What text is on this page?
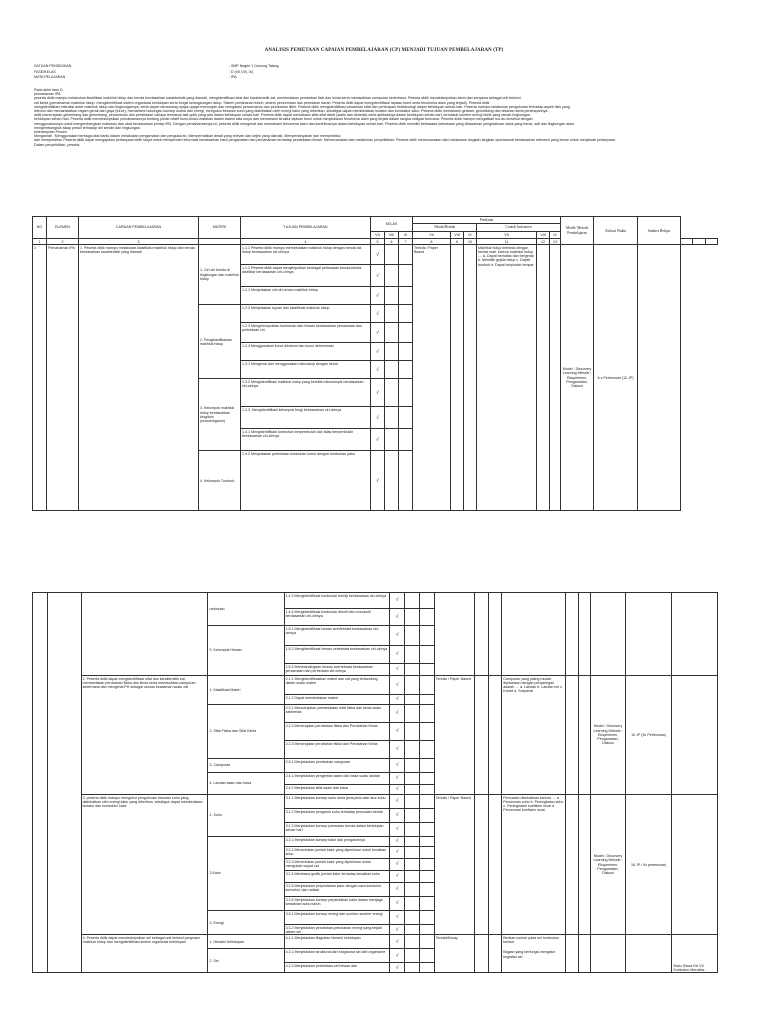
ANALISIS PEMETAAN CAPAIAN PEMBELAJARAN (CP) MENJADI TUJUAN PEMBELAJARAN (TP)
SATUAN PENDIDIKAN	: SMP Negeri 1 Gunung Talang
FASE/KELAS	: D (VII,VIII, IX)
MATA PELAJARAN	: IPA
Pada akhir fase D,
pemahaman IPA
peserta didik mampu melakukan klasifikasi makhluk hidup dan benda berdasarkan karakteristik yang diamati, mengidentifikasi sifat dan karakteristik zat, membedakan perubahan fisik dan kimia serta memisahkan campuran sederhana. Peserta didik mendeskripsikan atom dan senyawa sebagai unit terkecil
zat kimia (pemahaman makhluk hidup, mengidentifikasi sistem organisasi kehidupan serta fungsi kelangsungan hidup. Sistem pertahanan tubuh, sistem pencernaan dan peredaran darah. Peserta didik dapat mengidentifikasi lapisan bumi serta fenomena alam yang terjadi). Peserta didik
mengidentifikasi interaksi antar makhluk hidup dan lingkungannya, serta dapat merancang upaya-upaya mencegah dan mengatasi pencemaran dan perubahan iklim. Peserta didik mengidentifikasi pewarisan sifat dan penerapan bioteknologi dalam kehidupan sehari-hari. Peserta mampu melakukan pengukuran terhadap aspek fisis yang
ditemui dan memanfaatkan ragam gerak dan gaya (force), memahami hubungan konsep usaha dan energi, mengukur besaran suhu yang diakibatkan oleh energi kalor yang diberikan, sekaligus dapat membedakan isolator dan konduktor kalor. Peserta didik memahami getaran, gelombang dan tekanan serta penerapannya.
didik menerapkan gelombang dan gelombang, pemantulan dan pembiasan cahaya termasuk alat optik yang ada dalam kehidupan sehari-hari. Peserta didik dapat memahami sifat-sifat listrik (statis dan dinamis) serta aplikasinya dalam kehidupan sehari-hari, termasuk sumber energi listrik yang ramah lingkungan.
kehidupan sehari-hari. Peserta didik mendeskripsikan pemahamannya tentang posisi relatif bumi-bulan-matahari dalam sistem tata surya dan memahami struktur lapisan bumi untuk menjelaskan fenomena alam yang terjadi dalam rangka mitigasi bencana. Peserta didik mampu mengaitkan isu-isu tersebut dengan
menggunakannya untuk mengembangkan makanan dan obat berdasarkan prinsip IPA. Dengan pemahamannya ini, peserta didik mengenal dan memahami fenomena alam dan kontribusinya dalam kehidupan sehari-hari. Peserta didik memiliki kebiasaan-kebiasaan yang didasarkan pengetahuan sains yang benar, adil dan lingkungan alam.
mengembangkan sikap peduli terhadap diri sendiri dan lingkungan.
keterampilan Proses
Mengamati : Menggunakan berbagai alat bantu dalam melakukan pengamatan dan pengukuran. Memperhatikan detail yang relevan dari objek yang diamati. Mempertanyakan dan memprediksi
dan memprediksi: Peserta didik dapat mengajukan pertanyaan lebih lanjut untuk memperoleh informasi berdasarkan hasil pengamatan dan pemahaman terhadap pendekatan ilmiah. Merencanakan dan melakukan penyelidikan: Peserta didik merencanakan dan melakukan langkah-langkah operasional berdasarkan referensi yang benar untuk menjawab pertanyaan.
Dalam penyelidikan, peserta
NO	ELEMEN	CAPAIAN PEMBELAJARAN	MATERI	TUJUAN PEMBELAJARAN	KELAS			Penilaian						Model/ Metode Pembelajaran	Alokasi Waktu	Sumber Belajar			
								Teknik/Bentuk			Contoh Instrumen								
					VII	VIII	IX	VII	VIII	IX	VII	VIII	IX						
1	2	3		4	5	6	7	8	9	10	11	12	13						
1	Pemahaman IPA	1. Peserta didik mampu melakukan klasifikasi makhluk hidup dan benda berdasarkan karakteristik yang diamati	1. Ciri-ciri benda di lingkungan dan makhluk hidup	1.1.1 Peserta didik mampu membedakan makhluk hidup dengan benda tak hidup berdasarkan ciri-cirinya	√			Tertulis / Paper Based			Makhluk hidup berbeda dengan benda mati, karena makhluk hidup .... a. Dapat bernafas dan bergerak b. Memiliki gejala hidup c. Dapat tumbuh d. Dapat berpindah tempat			Model : Discovery Learning Metode : Eksperimen, Pengamatan, Diskusi	6 x Pertemuan (12 JP)				
				1.1.2 Peserta didik dapat menyimpulkan berbagai perbedaan benda-benda disekitar berdasarkan ciri-cirinya	√														
				1.2.1 Menjelaskan ciri-ciri umum makhluk hidup	√														
			2. Pengklasifikasian makhluk hidup	1.2.2 Menjelaskan tujuan dan klasifikasi makhluk hidup	√														
				1.2.3 Mengelompokkan tumbuhan dan hewan berdasarkan persamaan dan perbedaan ciri	√														
				1.2.4 Menggunakan kunci dikotomi dan kunci determinasi	√														
				1.3.1 Mengenal dan menggunakan mikroskop dengan benar	√														
			3. Kelompok makhluk hidup berdasarkan kingdom (monokingdom)	1.3.2 Mengidentifikasi makhluk hidup yang bersifat mikroskopis berdasarkan ciri-cirinya	√														
				1.3.3. Mengidentifikasi kelompok fungi berdasarkan ciri-cirinya	√														
				1.4.1 Mengidentifikasi tumbuhan berpembuluh dan tidak berpembuluh berdasarkan ciri-cirinya	√														
			4. Kelompok Tumbuh-	1.4.2 Menjelaskan perbedaan tumbuhan lumut dengan tumbuhan paku	√														
			umbuhan	1.4.3 Mengidentifikasi tumbuhan berbiji berdasarkan ciri-cirinya	√											
				1.4.4 Mengidentifikasi tumbuhan dikotil dan monokotil berdasarkan ciri-cirinya	√											
			5. Kelompok Hewan	1.5.1 Mengidentifikasi hewan avertebrata berdasarkan ciri-cirinya	√											
				1.5.2 Mengidentifikasi hewan vertebrata berdasarkan ciri-cirinya	√											
				1.5.3 Membandingkan hewan avertebrata berdasarkan persamaan dan perbedaan ciri-cirinya	√											
		2. Peserta didik dapat mengidentifikasi sifat dan karakteristik zat, membedakan perubahan fisika dan kimia serta memisahkan campuran sederhana dan mengenal PH sebagai ukuran keasaman suatu zat	1. Klasifikasi Materi	2.1.1 Mengidentifikasikan materi dan zat yang terkandung dalam suatu materi	√			Tertulis / Paper Based			Campuran yang paling mudah dipisahkan dengan penyaringan adalah .... a. Larutan b. Larutan ion c. Koloid d. Suspensi			Model : Discovery Learning Metode : Eksperimen, Pengamatan, Diskusi	10 JP (5x Pertemuan)	
				2.1.2 Dapat membedakan materi	√											
			2. Sifat Fisika dan Sifat Kimia	2.2.1 Mencerapkan pemanfaatan sifat fisika dan kimia suatu zat/benda	√											
				2.2.2 Menerapkan perubahan fisika dan Perubahan Kimia	√											
				2.2.3 Menerapkan perubahan fisika dan Perubahan Kimia	√											
			3. Campuran	2.3.1 Menjelaskan pemisahan campuran	√											
			4. Larutan asam dan basa	2.4.1 Menjelaskan pengertian asam dan basa suatu larutan	√											
				2.4.2 Menjelaskan sifat asam dan basa	√											
		3. peserta didik mampu mengukur pengukuran besaran suhu yang diakibatkan oleh energi kalor yang diberikan, sekaligus dapat membedakan isolator dan konduktor kalor	1. Suhu	3.1.1 Menjelaskan konsep suhu serta jenis jenis alat ukur suhu	√			Tertulis / Paper Based			Pemuaian disebabkan karena .... a. Penurunan suhu b. Peningkatan suhu c. Peningkatan koefisien muai d. Penurunan koefisien muai			Model : Discovery Learning Metode : Eksperimen, Pengamatan, Diskusi	18 JP / 9x pertemuan)	
				3.1.2 Menjelaskan pengaruh suhu terhadap pemuaian benda	√											
				3.1.3 Menjelaskan konsep pemuaian benda dalam kehidupan sehari-hari	√											
			2.Kalor	3.2.1 Menjelaskan konsep kalor dan pengaruhnya	√											
				3.2.2 Menentukan jumlah kalor yang diperlukan untuk kenaikan suhu	√											
				3.2.3 Menentukan jumlah kalor yang diperlukan untuk mengubah wujud zat	√											
				3.2.4 Membaca grafik jumlah kalor terhadap kenaikan suhu	√											
				3.2.5 Menjelaskan perpindahan kalor dengan cara konduksi, konveksi, dan radiasi	√											
				3.2.6 Menjelaskan konsep perpindahan kalor dalam menjaga kestabilan suhu tubuh	√											
			3. Energi	3.3.1 Menjelaskan konsep energi dan sumber-sumber energi	√											
				3.3.2 Menjelaskan perubahan-perubahan energi yang terjadi dalam sel	√											
		4. Peserta didik dapat mendeskripsikan sel sebagai unit terkecil penyusun makhluk hidup dan mengidentifikasi sistem organisasi kehidupan	1. Hierarki Kehidupan	4.1.1 Menjelaskan tingkatan hierarki kehidupan	√			Tertulis/Essay			Berikan contoh pada sel tumbuhan berikut
Bagian yang berfungsi mengatur kegiatan sel					Buku Siswa Kls VII Kurikulum Merdeka
			2. Sel	4.2.1 Menjelaskan struktural dan fungsional sel dari organisme	√											
				4.2.2 Menjelaskan perbedaan sel hewan dan	√											
